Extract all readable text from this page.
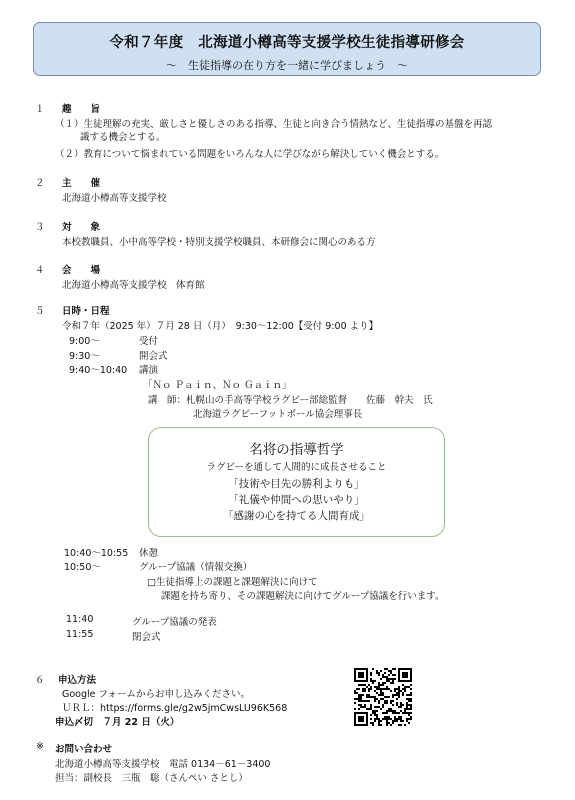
令和７年度　北海道小樽高等支援学校生徒指導研修会
～　生徒指導の在り方を一緒に学びましょう　～
１ 趣　　旨
（１）生徒理解の充実、厳しさと優しさのある指導、生徒と向き合う情熱など、生徒指導の基盤を再認
識する機会とする。
（２）教育について悩まれている問題をいろんな人に学びながら解決していく機会とする。
２ 主　　催
北海道小樽高等支援学校
３ 対　　象
本校教職員、小中高等学校・特別支援学校職員、本研修会に関心のある方
４ 会　　場
北海道小樽高等支援学校　体育館
５ 日時・日程
令和７年（2025 年）７月 28 日（月）　9:30～12:00【受付 9:00 より】
9:00～	受付
9:30～	開会式
9:40～10:40 講演
「Ｎｏ Ｐａｉｎ、Ｎｏ Ｇａｉｎ」
講　師：札幌山の手高等学校ラグビー部総監督　　佐藤　幹夫　氏
北海道ラグビーフットボール協会理事長
名将の指導哲学
ラグビーを通して人間的に成長させること
「技術や目先の勝利よりも」
「礼儀や仲間への思いやり」
「感謝の心を持てる人間育成」
10:40～10:55 休憩
10:50～	グループ協議（情報交換）
□生徒指導上の課題と課題解決に向けて
課題を持ち寄り、その課題解決に向けてグループ協議を行います。
11:40	グループ協議の発表
11:55	閉会式
６ 申込方法
Google フォームからお申し込みください。
ＵＲＬ：https://forms.gle/g2w5jmCwsLU96K568
申込〆切　７月 22 日（火）
※ お問い合わせ
北海道小樽高等支援学校　電話 0134－61－3400
担当：副校長　三瓶　聡（さんぺい さとし）
